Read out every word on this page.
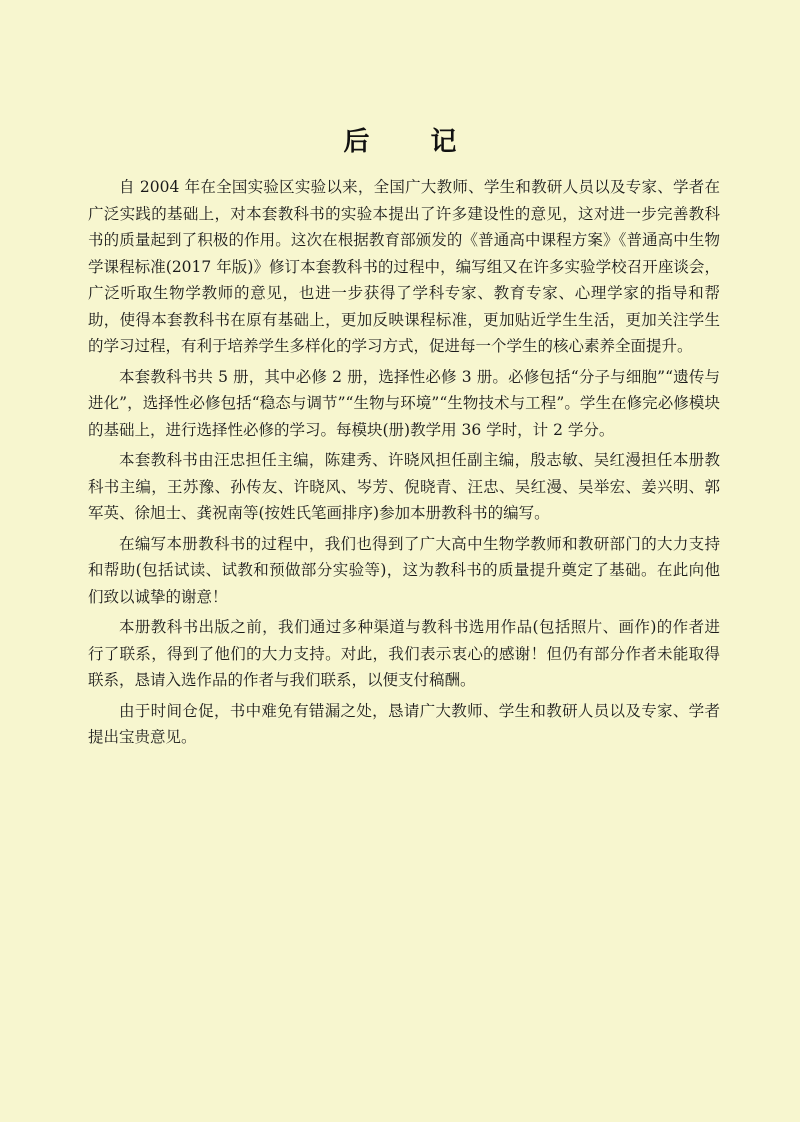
后 记

自 2004 年在全国实验区实验以来，全国广大教师、学生和教研人员以及专家、学者在广泛实践的基础上，对本套教科书的实验本提出了许多建设性的意见，这对进一步完善教科书的质量起到了积极的作用。这次在根据教育部颁发的《普通高中课程方案》《普通高中生物学课程标准(2017 年版)》修订本套教科书的过程中，编写组又在许多实验学校召开座谈会，广泛听取生物学教师的意见，也进一步获得了学科专家、教育专家、心理学家的指导和帮助，使得本套教科书在原有基础上，更加反映课程标准，更加贴近学生生活，更加关注学生的学习过程，有利于培养学生多样化的学习方式，促进每一个学生的核心素养全面提升。

本套教科书共 5 册，其中必修 2 册，选择性必修 3 册。必修包括“分子与细胞”“遗传与进化”，选择性必修包括“稳态与调节”“生物与环境”“生物技术与工程”。学生在修完必修模块的基础上，进行选择性必修的学习。每模块(册)教学用 36 学时，计 2 学分。

本套教科书由汪忠担任主编，陈建秀、许晓风担任副主编，殷志敏、吴红漫担任本册教科书主编，王苏豫、孙传友、许晓风、岑芳、倪晓青、汪忠、吴红漫、吴举宏、姜兴明、郭军英、徐旭士、龚祝南等(按姓氏笔画排序)参加本册教科书的编写。

在编写本册教科书的过程中，我们也得到了广大高中生物学教师和教研部门的大力支持和帮助(包括试读、试教和预做部分实验等)，这为教科书的质量提升奠定了基础。在此向他们致以诚挚的谢意！

本册教科书出版之前，我们通过多种渠道与教科书选用作品(包括照片、画作)的作者进行了联系，得到了他们的大力支持。对此，我们表示衷心的感谢！但仍有部分作者未能取得联系，恳请入选作品的作者与我们联系，以便支付稿酬。

由于时间仓促，书中难免有错漏之处，恳请广大教师、学生和教研人员以及专家、学者提出宝贵意见。
